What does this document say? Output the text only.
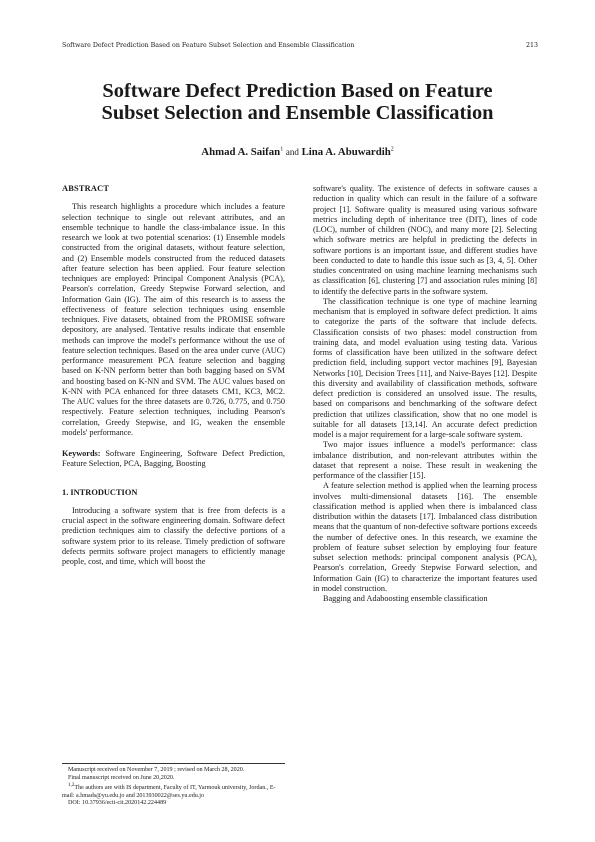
Software Defect Prediction Based on Feature Subset Selection and Ensemble Classification	213
Software Defect Prediction Based on Feature
Subset Selection and Ensemble Classification
Ahmad A. Saifan$^1$ and Lina A. Abuwardih$^2$
ABSTRACT

This research highlights a procedure which includes a feature selection technique to single out relevant attributes, and an ensemble technique to handle the class-imbalance issue. In this research we look at two potential scenarios: (1) Ensemble models constructed from the original datasets, without feature selection, and (2) Ensemble models constructed from the reduced datasets after feature selection has been applied. Four feature selection techniques are employed: Principal Component Analysis (PCA), Pearson's correlation, Greedy Stepwise Forward selection, and Information Gain (IG). The aim of this research is to assess the effectiveness of feature selection techniques using ensemble techniques. Five datasets, obtained from the PROMISE software depository, are analysed. Tentative results indicate that ensemble methods can improve the model's performance without the use of feature selection techniques. Based on the area under curve (AUC) performance measurement PCA feature selection and bagging based on K-NN perform better than both bagging based on SVM and boosting based on K-NN and SVM. The AUC values based on K-NN with PCA enhanced for three datasets CM1, KC3, MC2. The AUC values for the three datasets are 0.726, 0.775, and 0.750 respectively. Feature selection techniques, including Pearson's correlation, Greedy Stepwise, and IG, weaken the ensemble models' performance.

Keywords: Software Engineering, Software Defect Prediction, Feature Selection, PCA, Bagging, Boosting

1. INTRODUCTION

Introducing a software system that is free from defects is a crucial aspect in the software engineering domain. Software defect prediction techniques aim to classify the defective portions of a software system prior to its release. Timely prediction of software defects permits software project managers to efficiently manage people, cost, and time, which will boost the

software's quality. The existence of defects in software causes a reduction in quality which can result in the failure of a software project [1]. Software quality is measured using various software metrics including depth of inheritance tree (DIT), lines of code (LOC), number of children (NOC), and many more [2]. Selecting which software metrics are helpful in predicting the defects in software portions is an important issue, and different studies have been conducted to date to handle this issue such as [3, 4, 5]. Other studies concentrated on using machine learning mechanisms such as classification [6], clustering [7] and association rules mining [8] to identify the defective parts in the software system.

The classification technique is one type of machine learning mechanism that is employed in software defect prediction. It aims to categorize the parts of the software that include defects. Classification consists of two phases: model construction from training data, and model evaluation using testing data. Various forms of classification have been utilized in the software defect prediction field, including support vector machines [9], Bayesian Networks [10], Decision Trees [11], and Naive-Bayes [12]. Despite this diversity and availability of classification methods, software defect prediction is considered an unsolved issue. The results, based on comparisons and benchmarking of the software defect prediction that utilizes classification, show that no one model is suitable for all datasets [13,14]. An accurate defect prediction model is a major requirement for a large-scale software system.

Two major issues influence a model's performance: class imbalance distribution, and non-relevant attributes within the dataset that represent a noise. These result in weakening the performance of the classifier [15].

A feature selection method is applied when the learning process involves multi-dimensional datasets [16]. The ensemble classification method is applied when there is imbalanced class distribution within the datasets [17]. Imbalanced class distribution means that the quantum of non-defective software portions exceeds the number of defective ones. In this research, we examine the problem of feature subset selection by employing four feature subset selection methods: principal component analysis (PCA), Pearson's correlation, Greedy Stepwise Forward selection, and Information Gain (IG) to characterize the important features used in model construction.

Bagging and Adaboosting ensemble classification

Manuscript received on November 7, 2019 ; revised on March 28, 2020.

Final manuscript received on June 20,2020.

$^{1,2}$The authors are with IS department, Faculty of IT, Yarmouk university, Jordan., E-mail: a.hmads@yu.edu.jo and 2013930022@ses.yu.edu.jo

DOI: 10.37936/ecti-cit.2020142.224489
